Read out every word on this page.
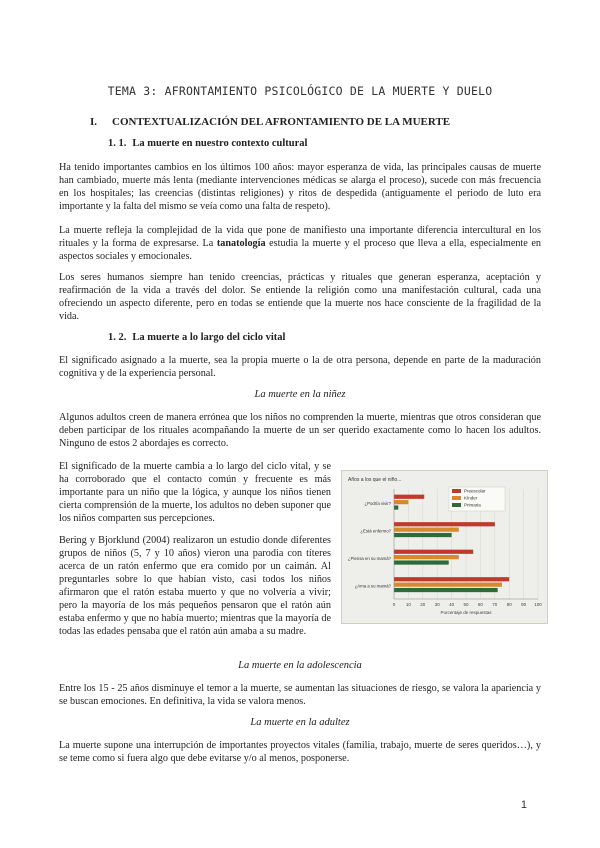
TEMA 3: AFRONTAMIENTO PSICOLÓGICO DE LA MUERTE Y DUELO
I. CONTEXTUALIZACIÓN DEL AFRONTAMIENTO DE LA MUERTE
1. 1. La muerte en nuestro contexto cultural
Ha tenido importantes cambios en los últimos 100 años: mayor esperanza de vida, las principales causas de muerte han cambiado, muerte más lenta (mediante intervenciones médicas se alarga el proceso), sucede con más frecuencia en los hospitales; las creencias (distintas religiones) y ritos de despedida (antiguamente el periodo de luto era importante y la falta del mismo se veía como una falta de respeto).
La muerte refleja la complejidad de la vida que pone de manifiesto una importante diferencia intercultural en los rituales y la forma de expresarse. La tanatología estudia la muerte y el proceso que lleva a ella, especialmente en aspectos sociales y emocionales.
Los seres humanos siempre han tenido creencias, prácticas y rituales que generan esperanza, aceptación y reafirmación de la vida a través del dolor. Se entiende la religión como una manifestación cultural, cada una ofreciendo un aspecto diferente, pero en todas se entiende que la muerte nos hace consciente de la fragilidad de la vida.
1. 2. La muerte a lo largo del ciclo vital
El significado asignado a la muerte, sea la propia muerte o la de otra persona, depende en parte de la maduración cognitiva y de la experiencia personal.
La muerte en la niñez
Algunos adultos creen de manera errónea que los niños no comprenden la muerte, mientras que otros consideran que deben participar de los rituales acompañando la muerte de un ser querido exactamente como lo hacen los adultos. Ninguno de estos 2 abordajes es correcto.
El significado de la muerte cambia a lo largo del ciclo vital, y se ha corroborado que el contacto común y frecuente es más importante para un niño que la lógica, y aunque los niños tienen cierta comprensión de la muerte, los adultos no deben suponer que los niños comparten sus percepciones.
Bering y Bjorklund (2004) realizaron un estudio donde diferentes grupos de niños (5, 7 y 10 años) vieron una parodia con títeres acerca de un ratón enfermo que era comido por un caimán. Al preguntarles sobre lo que habían visto, casi todos los niños afirmaron que el ratón estaba muerto y que no volvería a vivir; pero la mayoría de los más pequeños pensaron que el ratón aún estaba enfermo y que no había muerto; mientras que la mayoría de todas las edades pensaba que el ratón aún amaba a su madre.
Años a los que el niño...
0 10 20 30 40 50 60 70 80 90 100
Porcentaje de respuestas
¿Podría vivir?
¿Está enfermo?
¿Piensa en su mamá?
¿Ama a su mamá?
Preescolar
Kínder
Primaria
La muerte en la adolescencia
Entre los 15 - 25 años disminuye el temor a la muerte, se aumentan las situaciones de riesgo, se valora la apariencia y se buscan emociones. En definitiva, la vida se valora menos.
La muerte en la adultez
La muerte supone una interrupción de importantes proyectos vitales (familia, trabajo, muerte de seres queridos…), y se teme como si fuera algo que debe evitarse y/o al menos, posponerse.
1
